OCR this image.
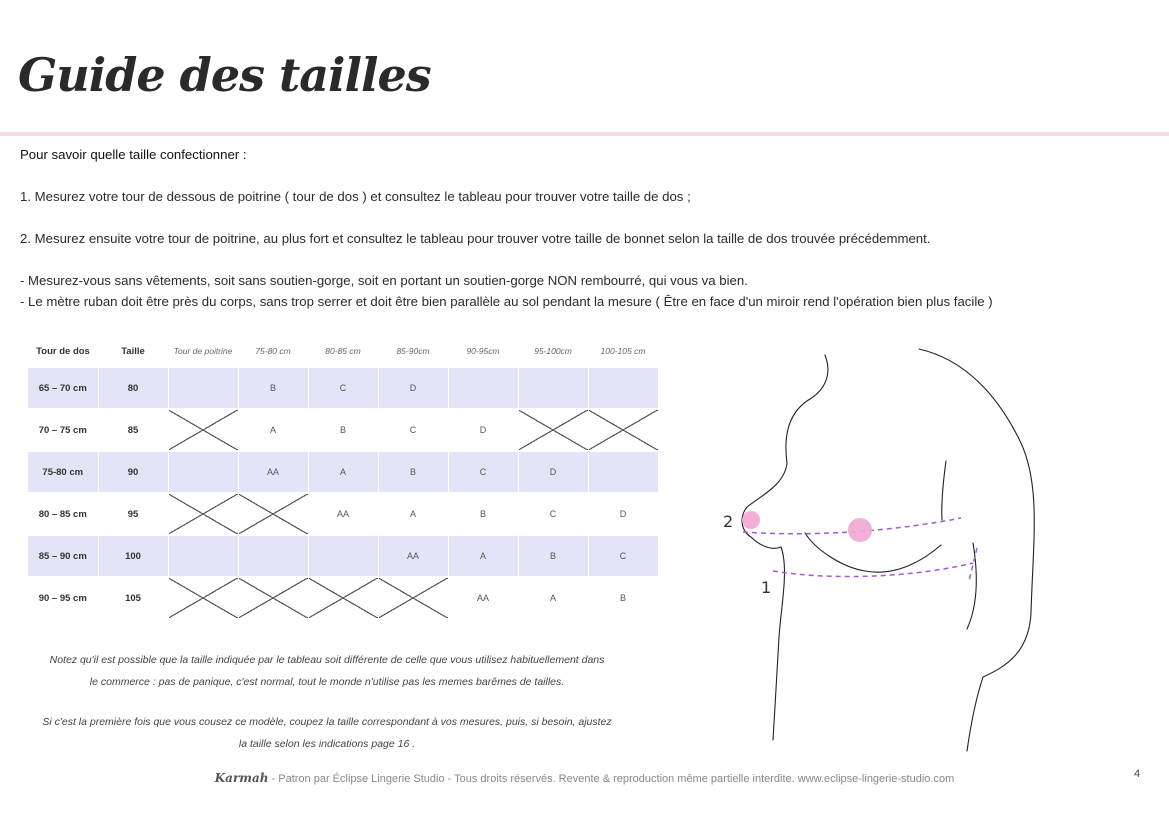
Guide des tailles

Pour savoir quelle taille confectionner :

1. Mesurez votre tour de dessous de poitrine ( tour de dos ) et consultez le tableau pour trouver votre taille de dos ;

2. Mesurez ensuite votre tour de poitrine, au plus fort et consultez le tableau pour trouver votre taille de bonnet selon la taille de dos trouvée précédemment.

- Mesurez-vous sans vêtements, soit sans soutien-gorge, soit en portant un soutien-gorge NON rembourré, qui vous va bien.

- Le mètre ruban doit être près du corps, sans trop serrer et doit être bien parallèle au sol pendant la mesure ( Être en face d'un miroir rend l'opération bien plus facile )

Tour de dos	Taille	Tour de poitrine	75-80 cm	80-85 cm	85-90cm	90-95cm	95-100cm	100-105 cm
65 – 70 cm	80		B	C	D			
70 – 75 cm	85		A	B	C	D		
75-80 cm	90		AA	A	B	C	D	
80 – 85 cm	95			AA	A	B	C	D
85 – 90 cm	100				AA	A	B	C
90 – 95 cm	105					AA	A	B
Notez qu'il est possible que la taille indiquée par le tableau soit différente de celle que vous utilisez habituellement dans
le commerce : pas de panique, c'est normal, tout le monde n'utilise pas les memes barêmes de tailles.
Si c'est la première fois que vous cousez ce modèle, coupez la taille correspondant à vos mesures, puis, si besoin, ajustez
la taille selon les indications page 16 .
2
1
Karmah - Patron par Éclipse Lingerie Studio - Tous droits réservés. Revente & reproduction même partielle interdite. www.eclipse-lingerie-studio.com	4
